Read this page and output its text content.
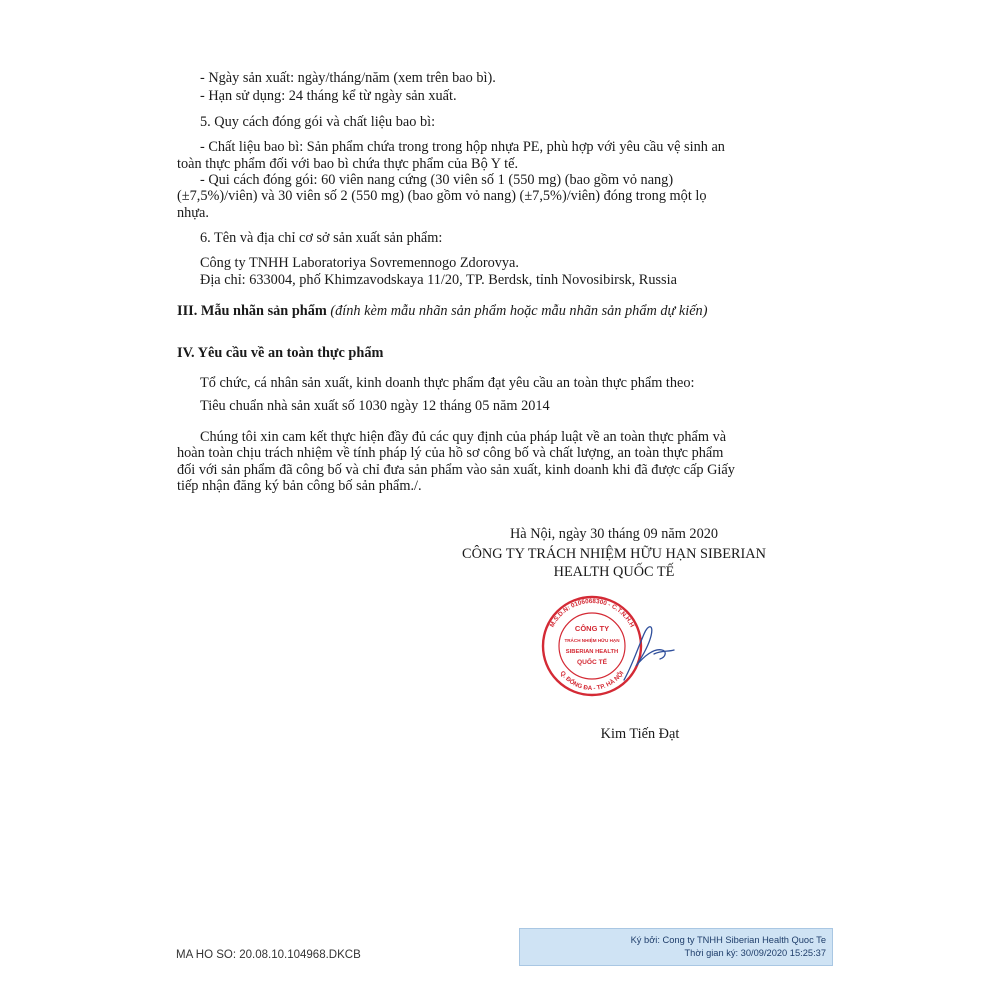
- Ngày sản xuất: ngày/tháng/năm (xem trên bao bì).
- Hạn sử dụng: 24 tháng kể từ ngày sản xuất.
5. Quy cách đóng gói và chất liệu bao bì:
- Chất liệu bao bì: Sản phẩm chứa trong trong hộp nhựa PE, phù hợp với yêu cầu vệ sinh an
toàn thực phẩm đối với bao bì chứa thực phẩm của Bộ Y tế.
- Qui cách đóng gói: 60 viên nang cứng (30 viên số 1 (550 mg) (bao gồm vỏ nang)
(±7,5%)/viên) và 30 viên số 2 (550 mg) (bao gồm vỏ nang) (±7,5%)/viên) đóng trong một lọ
nhựa.
6. Tên và địa chỉ cơ sở sản xuất sản phẩm:
Công ty TNHH Laboratoriya Sovremennogo Zdorovya.
Địa chỉ: 633004, phố Khimzavodskaya 11/20, TP. Berdsk, tỉnh Novosibirsk, Russia
III. Mẫu nhãn sản phẩm (đính kèm mẫu nhãn sản phẩm hoặc mẫu nhãn sản phẩm dự kiến)
IV. Yêu cầu về an toàn thực phẩm
Tổ chức, cá nhân sản xuất, kinh doanh thực phẩm đạt yêu cầu an toàn thực phẩm theo:
Tiêu chuẩn nhà sản xuất số 1030 ngày 12 tháng 05 năm 2014
Chúng tôi xin cam kết thực hiện đầy đủ các quy định của pháp luật về an toàn thực phẩm và
hoàn toàn chịu trách nhiệm về tính pháp lý của hồ sơ công bố và chất lượng, an toàn thực phẩm
đối với sản phẩm đã công bố và chỉ đưa sản phẩm vào sản xuất, kinh doanh khi đã được cấp Giấy
tiếp nhận đăng ký bản công bố sản phẩm./.
Hà Nội, ngày 30 tháng 09 năm 2020
CÔNG TY TRÁCH NHIỆM HỮU HẠN SIBERIAN
HEALTH QUỐC TẾ
M.S.D.N: 0106068300 - C.T.N.H.H
Q. ĐỐNG ĐA - TP. HÀ NỘI
CÔNG TY
TRÁCH NHIỆM HỮU HẠN
SIBERIAN HEALTH
QUỐC TẾ
Kim Tiến Đạt
MA HO SO: 20.08.10.104968.DKCB
Ký bởi: Cong ty TNHH Siberian Health Quoc Te
Thời gian ký: 30/09/2020 15:25:37
